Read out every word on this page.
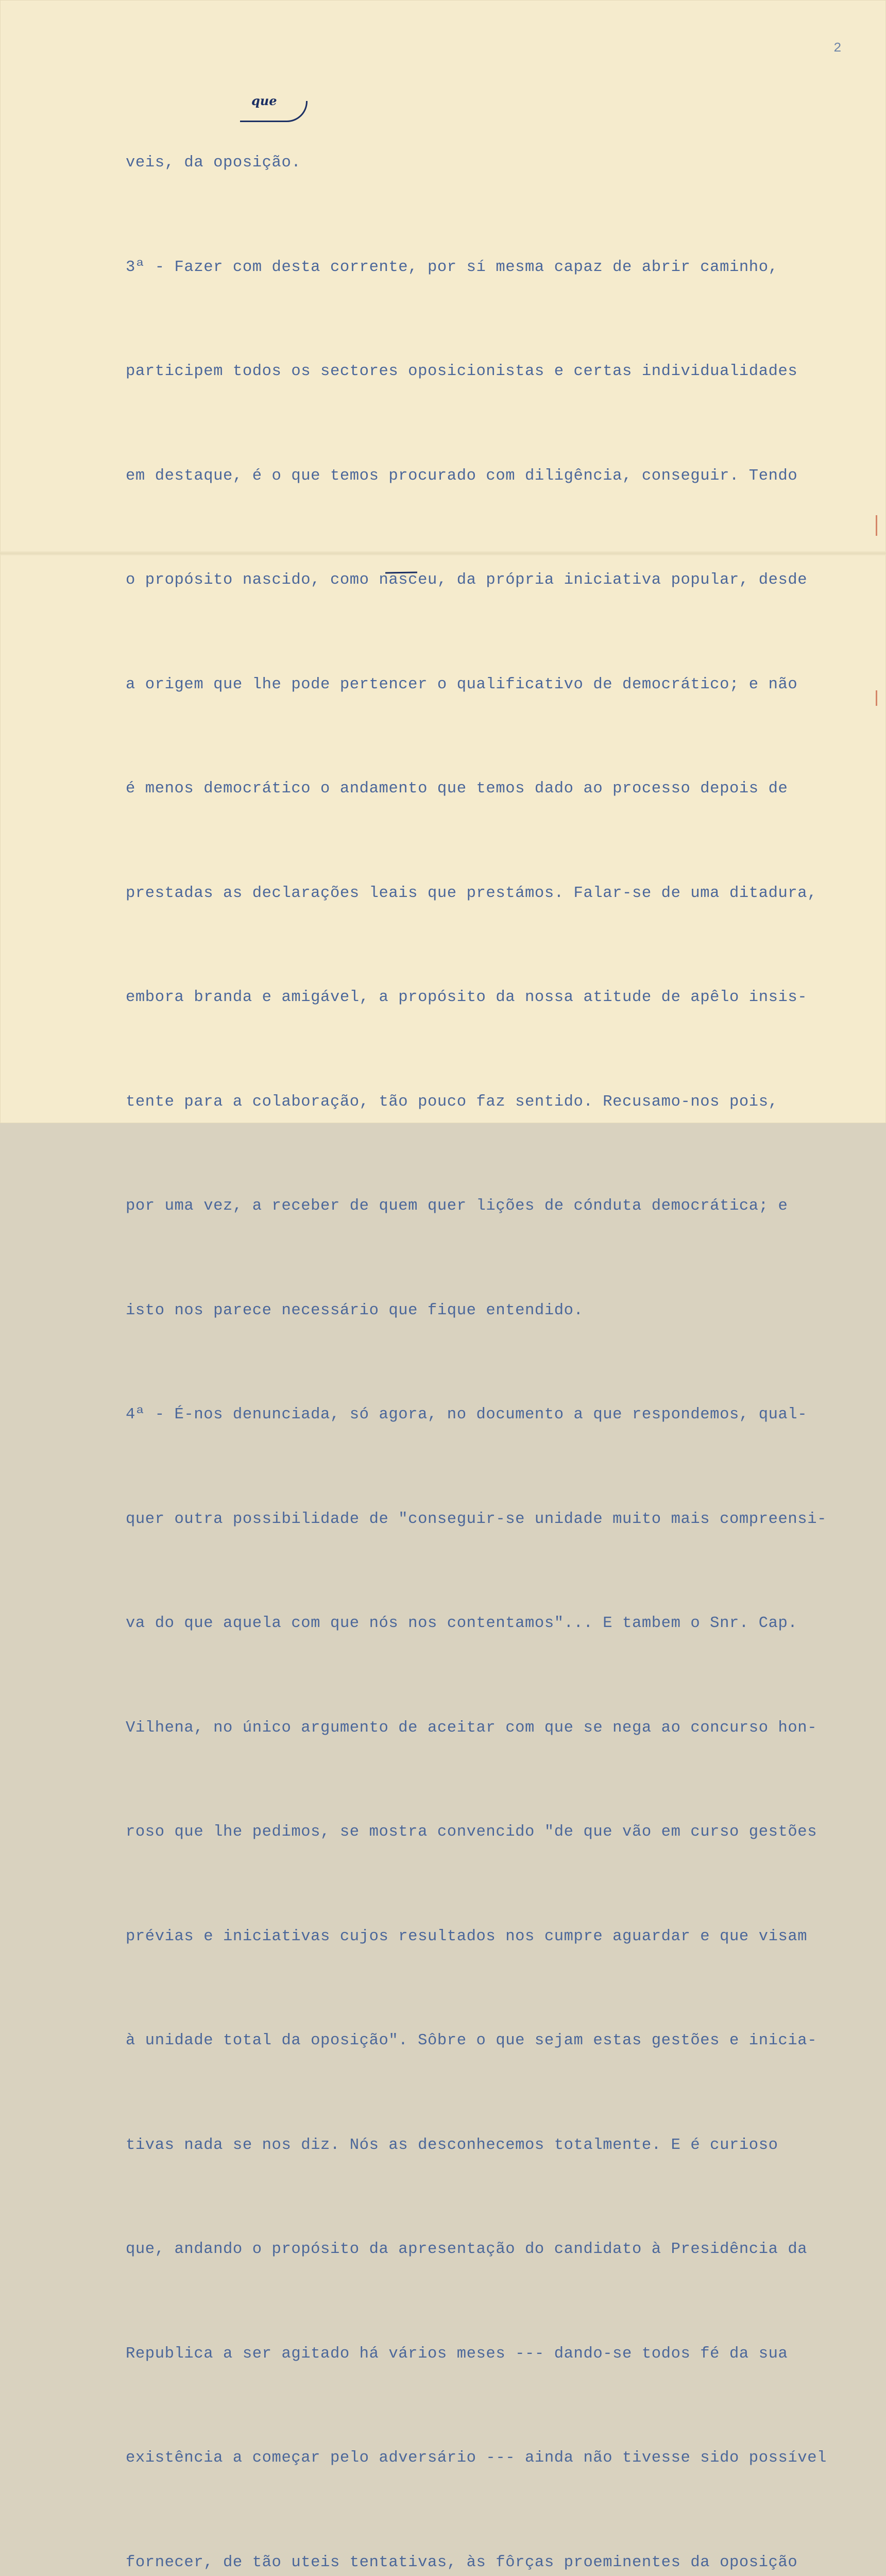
2
que

veis, da oposição.

3ª - Fazer com desta corrente, por sí mesma capaz de abrir caminho,

participem todos os sectores oposicionistas e certas individualidades

em destaque, é o que temos procurado com diligência, conseguir. Tendo

o propósito nascido, como nasceu, da própria iniciativa popular, desde

a origem que lhe pode pertencer o qualificativo de democrático; e não

é menos democrático o andamento que temos dado ao processo depois de

prestadas as declarações leais que prestámos. Falar-se de uma ditadura,

embora branda e amigável, a propósito da nossa atitude de apêlo insis-

tente para a colaboração, tão pouco faz sentido. Recusamo-nos pois,

por uma vez, a receber de quem quer lições de cónduta democrática; e

isto nos parece necessário que fique entendido.

4ª - É-nos denunciada, só agora, no documento a que respondemos, qual-

quer outra possibilidade de "conseguir-se unidade muito mais compreensi-

va do que aquela com que nós nos contentamos"... E tambem o Snr. Cap.

Vilhena, no único argumento de aceitar com que se nega ao concurso hon-

roso que lhe pedimos, se mostra convencido "de que vão em curso gestões

prévias e iniciativas cujos resultados nos cumpre aguardar e que visam

à unidade total da oposição". Sôbre o que sejam estas gestões e inicia-

tivas nada se nos diz. Nós as desconhecemos totalmente. E é curioso

que, andando o propósito da apresentação do candidato à Presidência da

Republica a ser agitado há vários meses --- dando-se todos fé da sua

existência a começar pelo adversário --- ainda não tivesse sido possível

fornecer, de tão uteis tentativas, às fôrças proeminentes da oposição
